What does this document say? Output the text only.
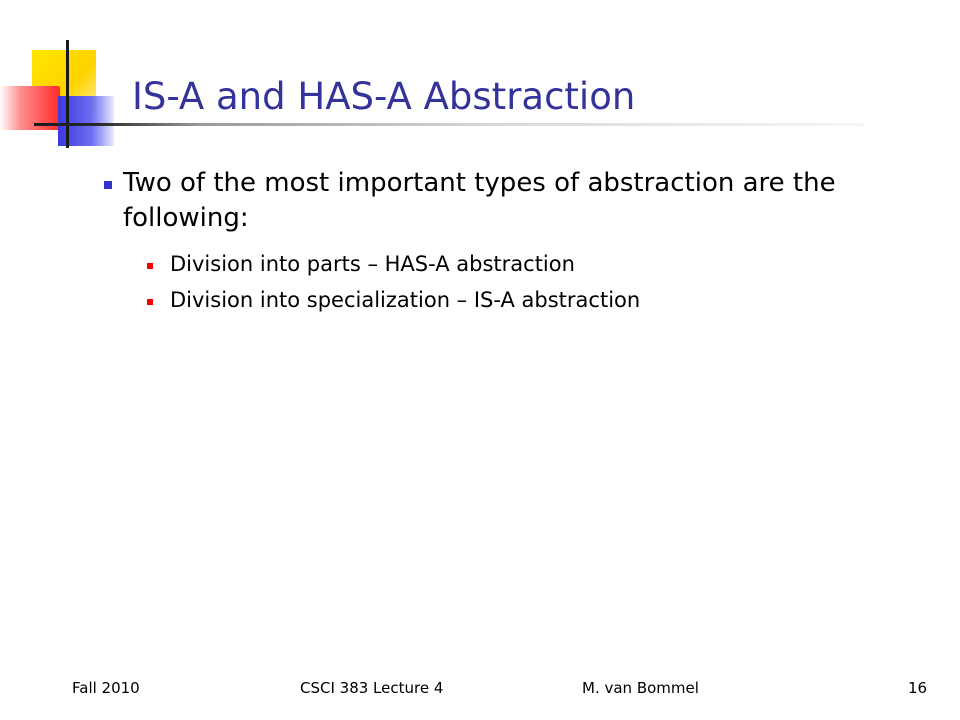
IS-A and HAS-A Abstraction
Two of the most important types of abstraction are the following:
Division into parts – HAS-A abstraction
Division into specialization – IS-A abstraction
Fall 2010	CSCI 383 Lecture 4	M. van Bommel	16
